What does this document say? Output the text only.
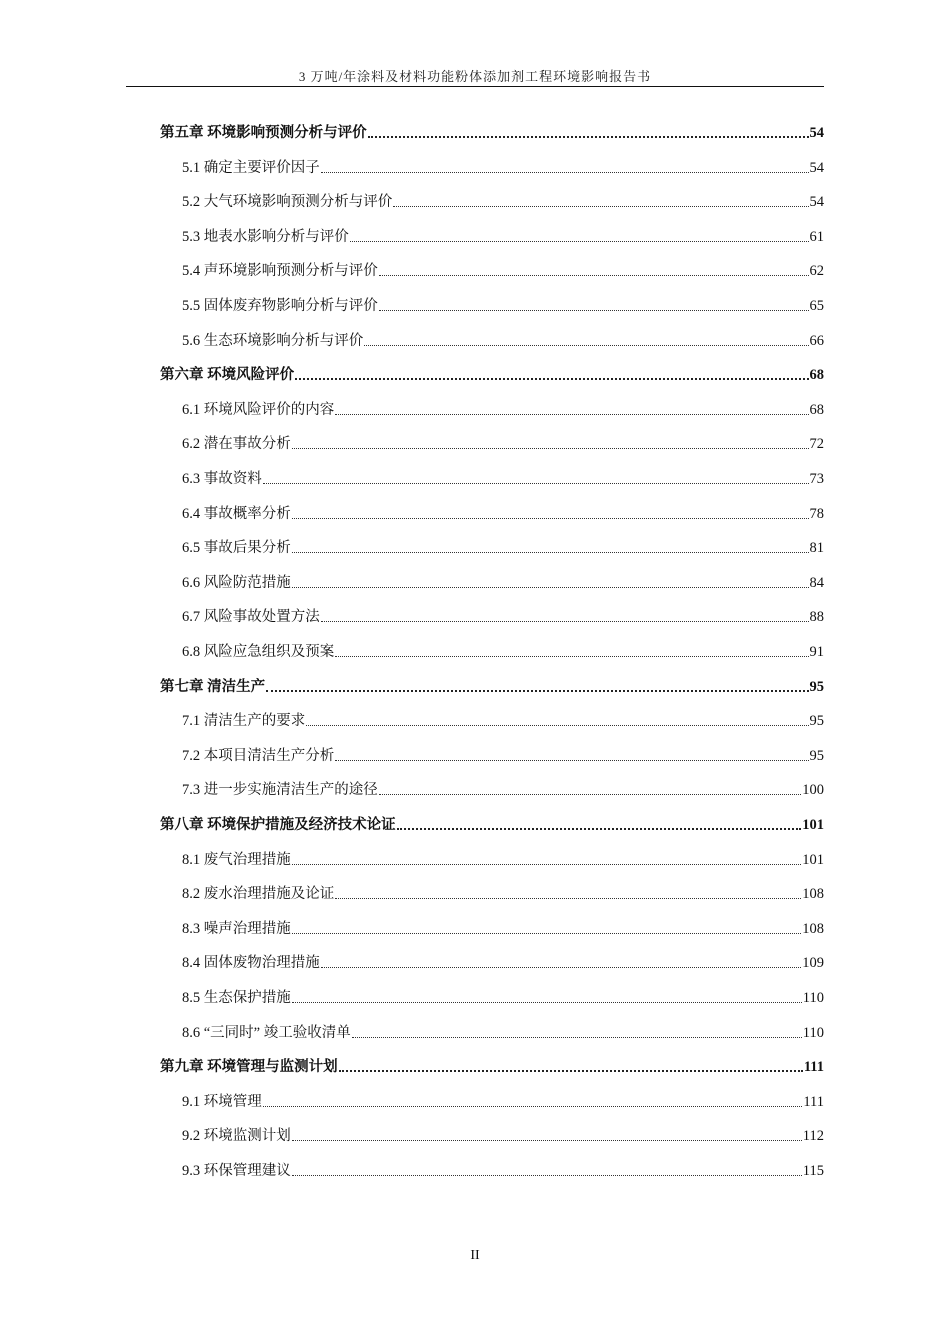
3 万吨/年涂料及材料功能粉体添加剂工程环境影响报告书
第五章 环境影响预测分析与评价	54
5.1 确定主要评价因子	54
5.2 大气环境影响预测分析与评价	54
5.3 地表水影响分析与评价	61
5.4 声环境影响预测分析与评价	62
5.5 固体废弃物影响分析与评价	65
5.6 生态环境影响分析与评价	66
第六章 环境风险评价	68
6.1 环境风险评价的内容	68
6.2 潜在事故分析	72
6.3 事故资料	73
6.4 事故概率分析	78
6.5 事故后果分析	81
6.6 风险防范措施	84
6.7 风险事故处置方法	88
6.8 风险应急组织及预案	91
第七章 清洁生产	95
7.1 清洁生产的要求	95
7.2 本项目清洁生产分析	95
7.3 进一步实施清洁生产的途径	100
第八章 环境保护措施及经济技术论证	101
8.1 废气治理措施	101
8.2 废水治理措施及论证	108
8.3 噪声治理措施	108
8.4 固体废物治理措施	109
8.5 生态保护措施	110
8.6 “三同时” 竣工验收清单	110
第九章 环境管理与监测计划	111
9.1 环境管理	111
9.2 环境监测计划	112
9.3 环保管理建议	115
II
